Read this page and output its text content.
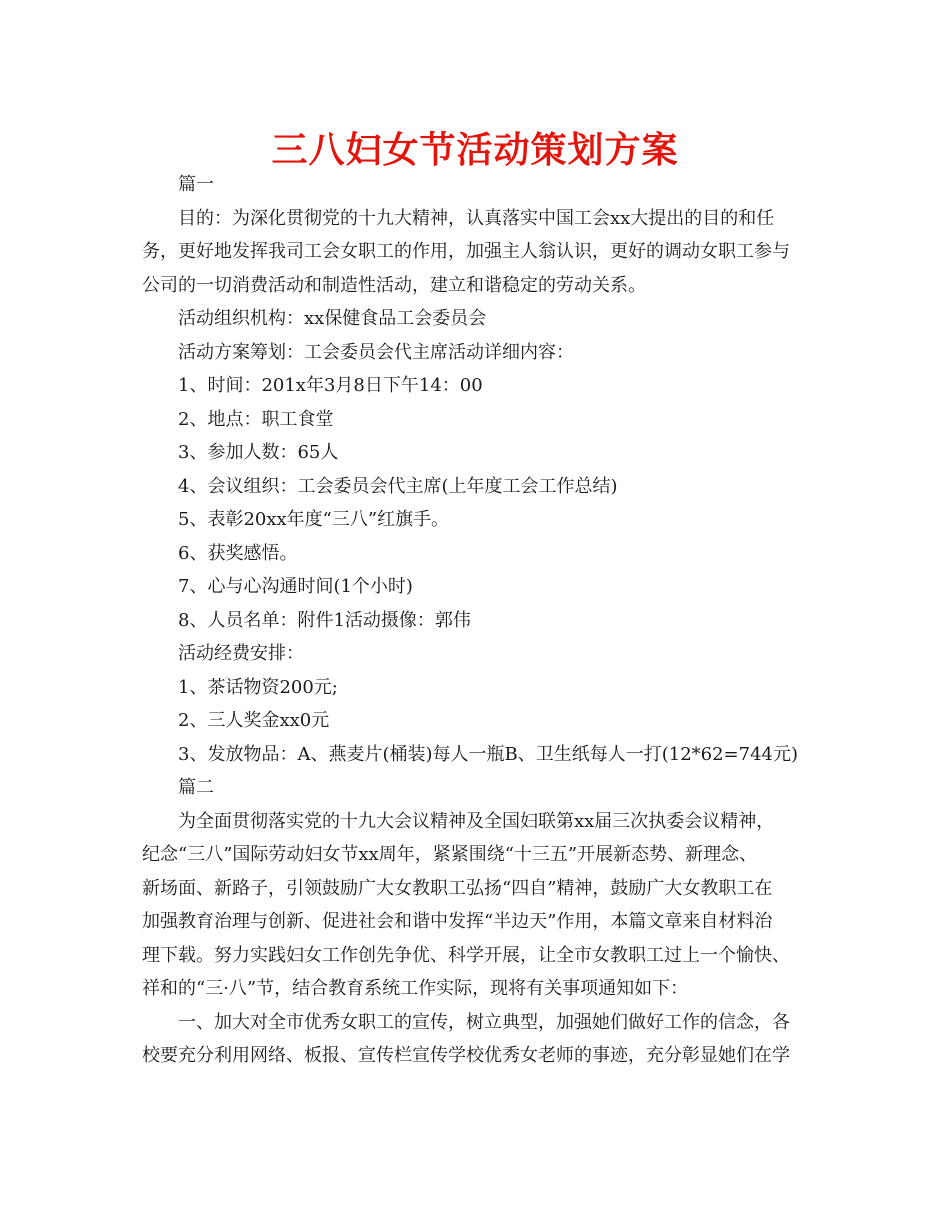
三八妇女节活动策划方案
篇一
目的：为深化贯彻党的十九大精神，认真落实中国工会xx大提出的目的和任
务，更好地发挥我司工会女职工的作用，加强主人翁认识，更好的调动女职工参与
公司的一切消费活动和制造性活动，建立和谐稳定的劳动关系。
活动组织机构：xx保健食品工会委员会
活动方案筹划：工会委员会代主席活动详细内容：
1、时间：201x年3月8日下午14：00
2、地点：职工食堂
3、参加人数：65人
4、会议组织：工会委员会代主席(上年度工会工作总结)
5、表彰20xx年度“三八”红旗手。
6、获奖感悟。
7、心与心沟通时间(1个小时)
8、人员名单：附件1活动摄像：郭伟
活动经费安排：
1、茶话物资200元;
2、三人奖金xx0元
3、发放物品：A、燕麦片(桶装)每人一瓶B、卫生纸每人一打(12*62=744元)
篇二
为全面贯彻落实党的十九大会议精神及全国妇联第xx届三次执委会议精神，
纪念“三八”国际劳动妇女节xx周年，紧紧围绕“十三五”开展新态势、新理念、
新场面、新路子，引领鼓励广大女教职工弘扬“四自”精神，鼓励广大女教职工在
加强教育治理与创新、促进社会和谐中发挥“半边天”作用，本篇文章来自材料治
理下载。努力实践妇女工作创先争优、科学开展，让全市女教职工过上一个愉快、
祥和的“三·八”节，结合教育系统工作实际，现将有关事项通知如下：
一、加大对全市优秀女职工的宣传，树立典型，加强她们做好工作的信念，各
校要充分利用网络、板报、宣传栏宣传学校优秀女老师的事迹，充分彰显她们在学
